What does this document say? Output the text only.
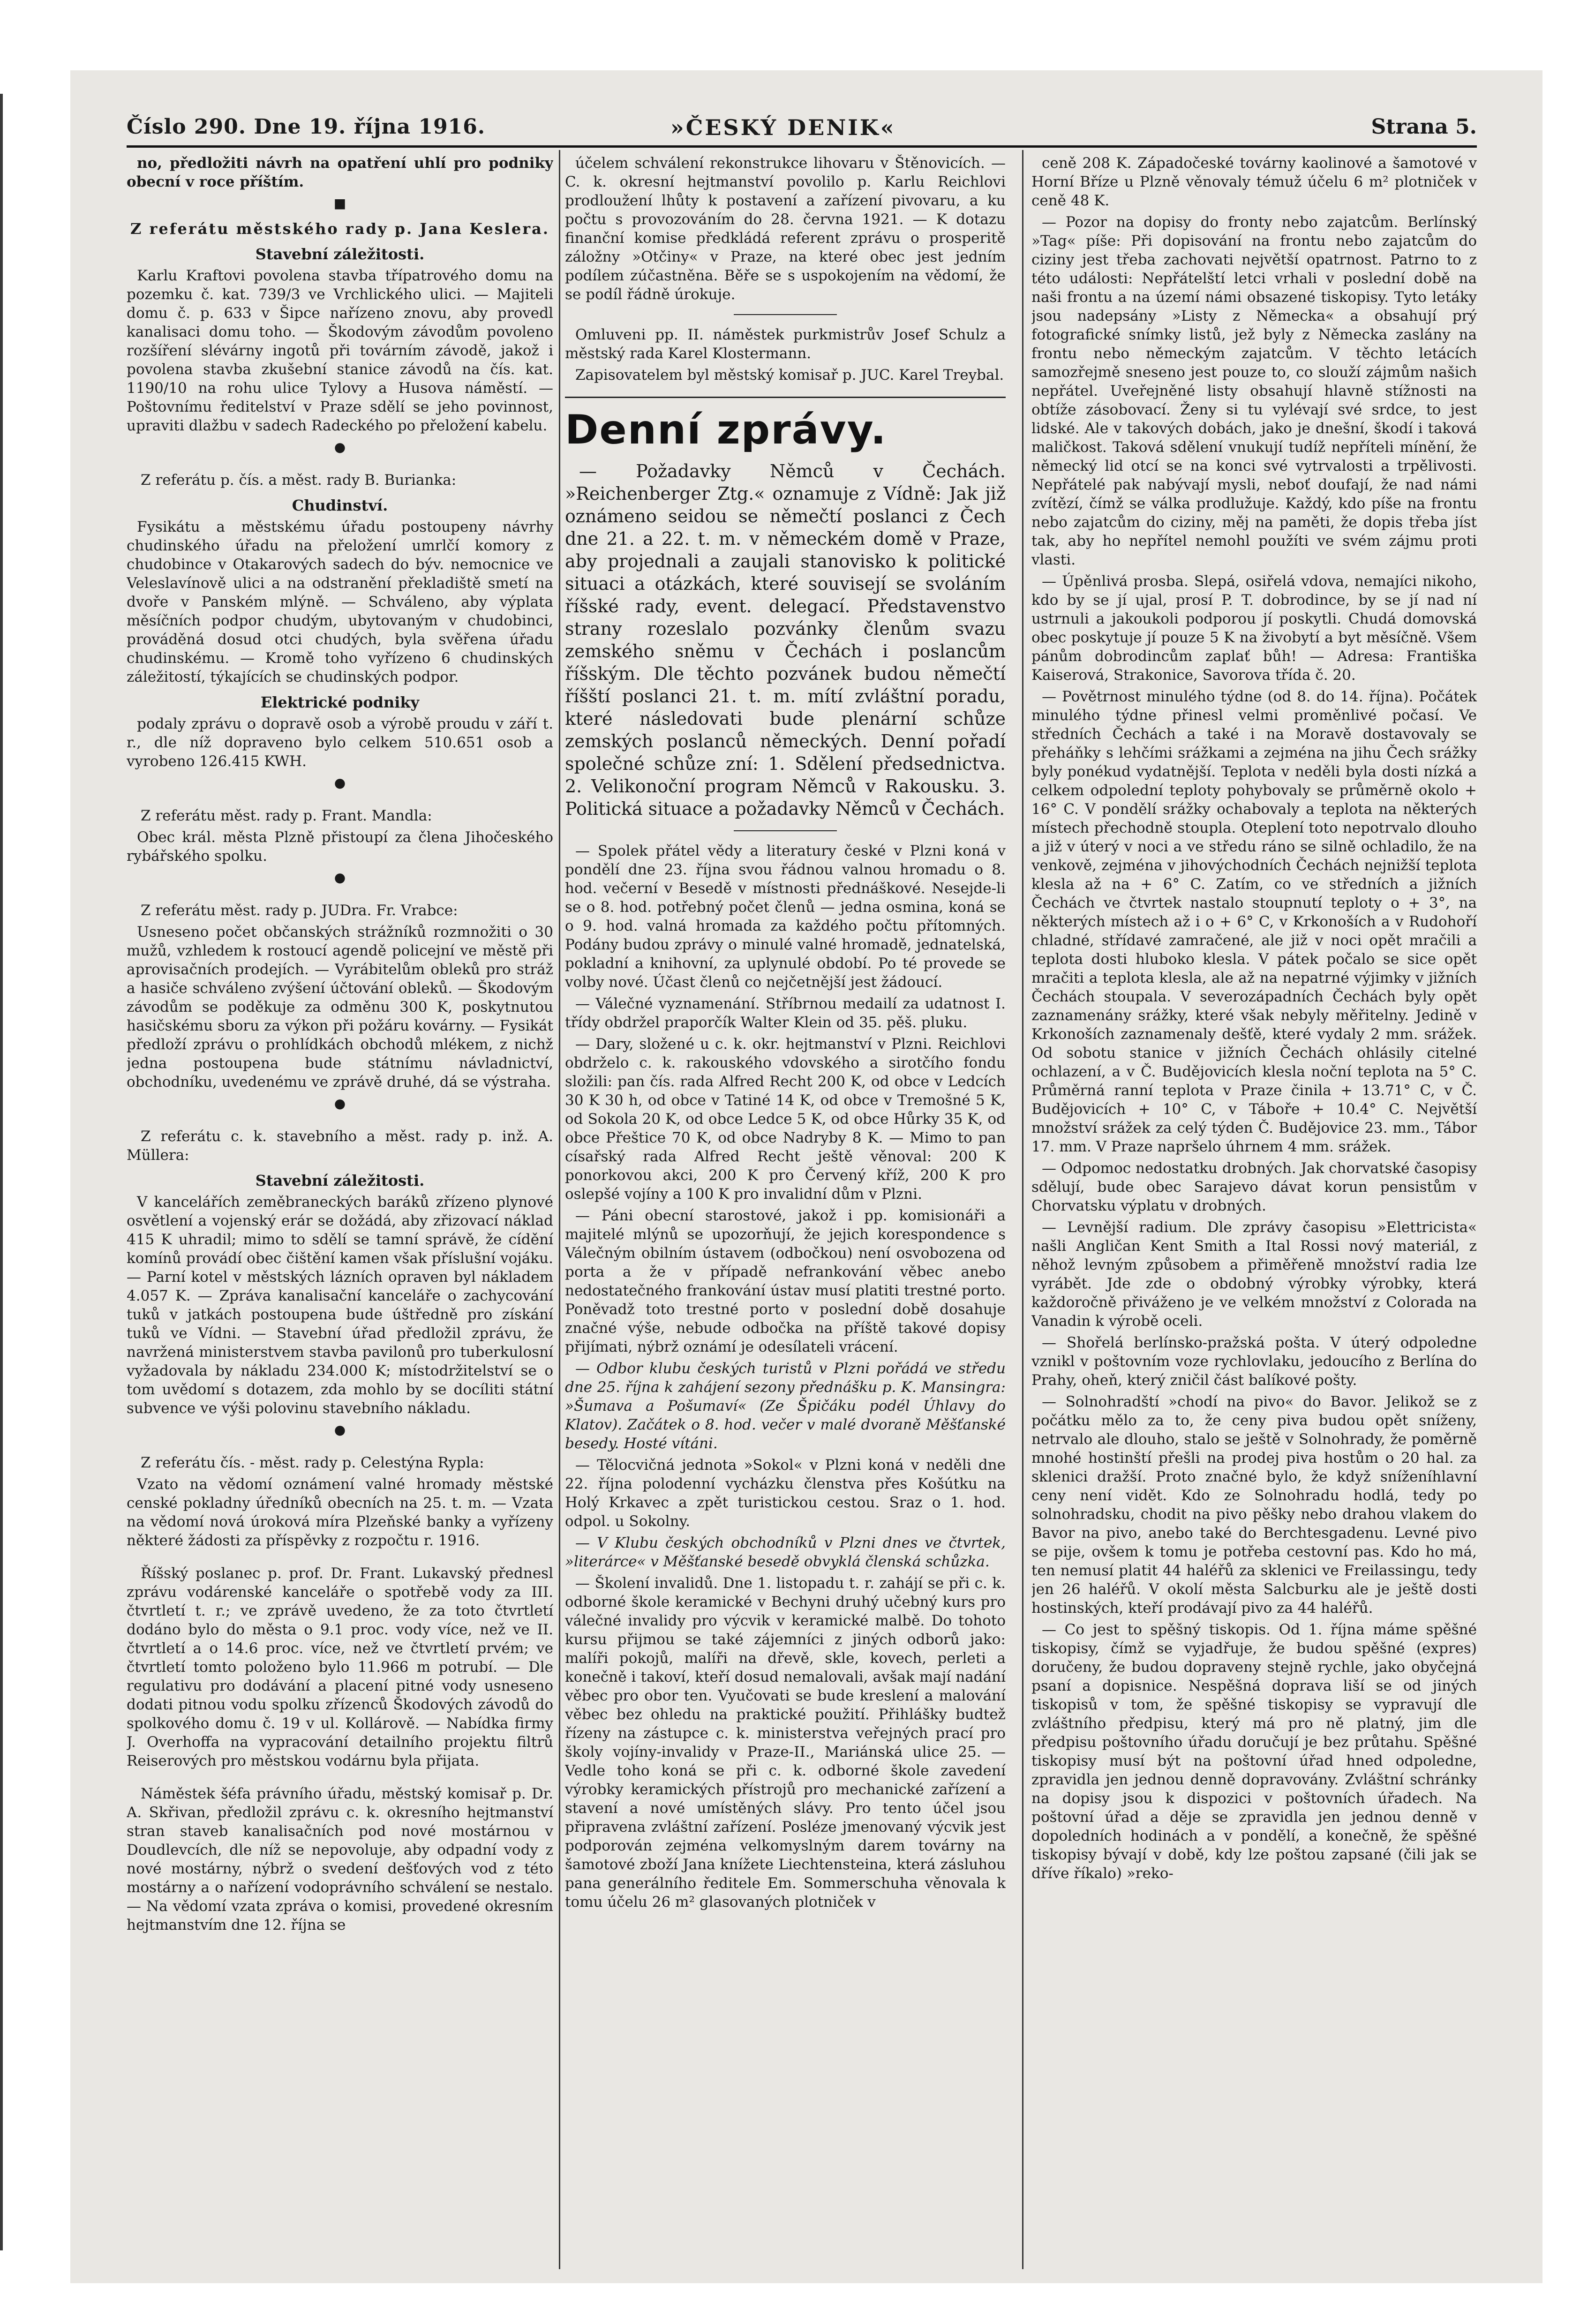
Číslo 290. Dne 19. října 1916.	»ČESKÝ DENIK«	Strana 5.

no, předložiti návrh na opatření uhlí pro podniky obecní v roce příštím.

■

Z referátu městského rady p. Jana Keslera.

Stavební záležitosti.

Karlu Kraftovi povolena stavba třípatrového domu na pozemku č. kat. 739/3 ve Vrchlického ulici. — Majiteli domu č. p. 633 v Šipce nařízeno znovu, aby provedl kanalisaci domu toho. — Škodovým závodům povoleno rozšíření slévárny ingotů při továrním závodě, jakož i povolena stavba zkušební stanice závodů na čís. kat. 1190/10 na rohu ulice Tylovy a Husova náměstí. — Poštovnímu ředitelství v Praze sdělí se jeho povinnost, upraviti dlažbu v sadech Radeckého po přeložení kabelu.

●

Z referátu p. čís. a měst. rady B. Burianka:

Chudinství.

Fysikátu a městskému úřadu postoupeny návrhy chudinského úřadu na přeložení umrlčí komory z chudobince v Otakarových sadech do býv. nemocnice ve Veleslavínově ulici a na odstranění překladiště smetí na dvoře v Panském mlýně. — Schváleno, aby výplata měsíčních podpor chudým, ubytovaným v chudobinci, prováděná dosud otci chudých, byla svěřena úřadu chudinskému. — Kromě toho vyřízeno 6 chudinských záležitostí, týkajících se chudinských podpor.

Elektrické podniky

podaly zprávu o dopravě osob a výrobě proudu v září t. r., dle níž dopraveno bylo celkem 510.651 osob a vyrobeno 126.415 KWH.

●

Z referátu měst. rady p. Frant. Mandla:

Obec král. města Plzně přistoupí za člena Jihočeského rybářského spolku.

●

Z referátu měst. rady p. JUDra. Fr. Vrabce:

Usneseno počet občanských strážníků rozmnožiti o 30 mužů, vzhledem k rostoucí agendě policejní ve městě při aprovisačních prodejích. — Vyrábitelům obleků pro stráž a hasiče schváleno zvýšení účtování obleků. — Škodovým závodům se poděkuje za odměnu 300 K, poskytnutou hasičskému sboru za výkon při požáru kovárny. — Fysikát předloží zprávu o prohlídkách obchodů mlékem, z nichž jedna postoupena bude státnímu návladnictví, obchodníku, uvedenému ve zprávě druhé, dá se výstraha.

●

Z referátu c. k. stavebního a měst. rady p. inž. A. Müllera:

Stavební záležitosti.

V kancelářích zeměbraneckých baráků zřízeno plynové osvětlení a vojenský erár se dožádá, aby zřizovací náklad 415 K uhradil; mimo to sdělí se tamní správě, že cídění komínů provádí obec čištění kamen však příslušní vojáku. — Parní kotel v městských lázních opraven byl nákladem 4.057 K. — Zpráva kanalisační kanceláře o zachycování tuků v jatkách postoupena bude úštředně pro získání tuků ve Vídni. — Stavební úřad předložil zprávu, že navržená ministerstvem stavba pavilonů pro tuberkulosní vyžadovala by nákladu 234.000 K; místodržitelství se o tom uvědomí s dotazem, zda mohlo by se docíliti státní subvence ve výši polovinu stavebního nákladu.

●

Z referátu čís. - měst. rady p. Celestýna Rypla:

Vzato na vědomí oznámení valné hromady městské censké pokladny úředníků obecních na 25. t. m. — Vzata na vědomí nová úroková míra Plzeňské banky a vyřízeny některé žádosti za příspěvky z rozpočtu r. 1916.

Říšský poslanec p. prof. Dr. Frant. Lukavský přednesl zprávu vodárenské kanceláře o spotřebě vody za III. čtvrtletí t. r.; ve zprávě uvedeno, že za toto čtvrtletí dodáno bylo do města o 9.1 proc. vody více, než ve II. čtvrtletí a o 14.6 proc. více, než ve čtvrtletí prvém; ve čtvrtletí tomto položeno bylo 11.966 m potrubí. — Dle regulativu pro dodávání a placení pitné vody usneseno dodati pitnou vodu spolku zřízenců Škodových závodů do spolkového domu č. 19 v ul. Kollárově. — Nabídka firmy J. Overhoffa na vypracování detailního projektu filtrů Reiserových pro městskou vodárnu byla přijata.

Náměstek šéfa právního úřadu, městský komisař p. Dr. A. Skřivan, předložil zprávu c. k. okresního hejtmanství stran staveb kanalisačních pod nové mostárnou v Doudlevcích, dle níž se nepovoluje, aby odpadní vody z nové mostárny, nýbrž o svedení dešťových vod z této mostárny a o nařízení vodoprávního schválení se nestalo. — Na vědomí vzata zpráva o komisi, provedené okresním hejtmanstvím dne 12. října se

účelem schválení rekonstrukce lihovaru v Štěnovicích. — C. k. okresní hejtmanství povolilo p. Karlu Reichlovi prodloužení lhůty k postavení a zařízení pivovaru, a ku počtu s provozováním do 28. června 1921. — K dotazu finanční komise předkládá referent zprávu o prosperitě záložny »Otčiny« v Praze, na které obec jest jedním podílem zúčastněna. Běře se s uspokojením na vědomí, že se podíl řádně úrokuje.

Omluveni pp. II. náměstek purkmistrův Josef Schulz a městský rada Karel Klostermann.

Zapisovatelem byl městský komisař p. JUC. Karel Treybal.

Denní zprávy.

— Požadavky Němců v Čechách. »Reichenberger Ztg.« oznamuje z Vídně: Jak již oznámeno seidou se němečtí poslanci z Čech dne 21. a 22. t. m. v německém domě v Praze, aby projednali a zaujali stanovisko k politické situaci a otázkách, které souvisejí se svoláním říšské rady, event. delegací. Představenstvo strany rozeslalo pozvánky členům svazu zemského sněmu v Čechách i poslancům říšským. Dle těchto pozvánek budou němečtí říšští poslanci 21. t. m. mítí zvláštní poradu, které následovati bude plenární schůze zemských poslanců německých. Denní pořadí společné schůze zní: 1. Sdělení předsednictva. 2. Velikonoční program Němců v Rakousku. 3. Politická situace a požadavky Němců v Čechách.

— Spolek přátel vědy a literatury české v Plzni koná v pondělí dne 23. října svou řádnou valnou hromadu o 8. hod. večerní v Besedě v místnosti přednáškové. Nesejde-li se o 8. hod. potřebný počet členů — jedna osmina, koná se o 9. hod. valná hromada za každého počtu přítomných. Podány budou zprávy o minulé valné hromadě, jednatelská, pokladní a knihovní, za uplynulé období. Po té provede se volby nové. Účast členů co nejčetnější jest žádoucí.

— Válečné vyznamenání. Stříbrnou medailí za udatnost I. třídy obdržel praporčík Walter Klein od 35. pěš. pluku.

— Dary, složené u c. k. okr. hejtmanství v Plzni. Reichlovi obdrželo c. k. rakouského vdovského a sirotčího fondu složili: pan čís. rada Alfred Recht 200 K, od obce v Ledcích 30 K 30 h, od obce v Tatiné 14 K, od obce v Tremošné 5 K, od Sokola 20 K, od obce Ledce 5 K, od obce Hůrky 35 K, od obce Přeštice 70 K, od obce Nadryby 8 K. — Mimo to pan císařský rada Alfred Recht ještě věnoval: 200 K ponorkovou akci, 200 K pro Červený kříž, 200 K pro oslepšé vojíny a 100 K pro invalidní dům v Plzni.

— Páni obecní starostové, jakož i pp. komisionáři a majitelé mlýnů se upozorňují, že jejich korespondence s Válečným obilním ústavem (odbočkou) není osvobozena od porta a že v případě nefrankování věbec anebo nedostatečného frankování ústav musí platiti trestné porto. Poněvadž toto trestné porto v poslední době dosahuje značné výše, nebude odbočka na příště takové dopisy přijímati, nýbrž oznámí je odesílateli vrácení.

— Odbor klubu českých turistů v Plzni pořádá ve středu dne 25. října k zahájení sezony přednášku p. K. Mansingra: »Šumava a Pošumaví« (Ze Špičáku podél Úhlavy do Klatov). Začátek o 8. hod. večer v malé dvoraně Měšťanské besedy. Hosté vítáni.

— Tělocvičná jednota »Sokol« v Plzni koná v neděli dne 22. října polodenní vycházku členstva přes Košútku na Holý Krkavec a zpět turistickou cestou. Sraz o 1. hod. odpol. u Sokolny.

— V Klubu českých obchodníků v Plzni dnes ve čtvrtek, »literárce« v Měšťanské besedě obvyklá členská schůzka.

— Školení invalidů. Dne 1. listopadu t. r. zahájí se při c. k. odborné škole keramické v Bechyni druhý učebný kurs pro válečné invalidy pro výcvik v keramické malbě. Do tohoto kursu přijmou se také zájemníci z jiných odborů jako: malíři pokojů, malíři na dřevě, skle, kovech, perleti a konečně i takoví, kteří dosud nemalovali, avšak mají nadání věbec pro obor ten. Vyučovati se bude kreslení a malování věbec bez ohledu na praktické použití. Přihlášky budtež řízeny na zástupce c. k. ministerstva veřejných prací pro školy vojíny-invalidy v Praze-II., Mariánská ulice 25. — Vedle toho koná se při c. k. odborné škole zavedení výrobky keramických přístrojů pro mechanické zařízení a stavení a nové umístěných slávy. Pro tento účel jsou připravena zvláštní zařízení. Posléze jmenovaný výcvik jest podporován zejména velkomyslným darem továrny na šamotové zboží Jana knížete Liechtensteina, která zásluhou pana generálního ředitele Em. Sommerschuha věnovala k tomu účelu 26 m² glasovaných plotniček v

ceně 208 K. Západočeské továrny kaolinové a šamotové v Horní Bříze u Plzně věnovaly témuž účelu 6 m² plotniček v ceně 48 K.

— Pozor na dopisy do fronty nebo zajatcům. Berlínský »Tag« píše: Při dopisování na frontu nebo zajatcům do ciziny jest třeba zachovati největší opatrnost. Patrno to z této události: Nepřátelští letci vrhali v poslední době na naši frontu a na území námi obsazené tiskopisy. Tyto letáky jsou nadepsány »Listy z Německa« a obsahují prý fotografické snímky listů, jež byly z Německa zaslány na frontu nebo německým zajatcům. V těchto letácích samozřejmě sneseno jest pouze to, co slouží zájmům našich nepřátel. Uveřejněné listy obsahují hlavně stížnosti na obtíže zásobovací. Ženy si tu vylévají své srdce, to jest lidské. Ale v takových dobách, jako je dnešní, škodí i taková maličkost. Taková sdělení vnukují tudíž nepříteli mínění, že německý lid otcí se na konci své vytrvalosti a trpělivosti. Nepřátelé pak nabývají mysli, neboť doufají, že nad námi zvítězí, čímž se válka prodlužuje. Každý, kdo píše na frontu nebo zajatcům do ciziny, měj na paměti, že dopis třeba jíst tak, aby ho nepřítel nemohl použíti ve svém zájmu proti vlasti.

— Úpěnlivá prosba. Slepá, osiřelá vdova, nemajíci nikoho, kdo by se jí ujal, prosí P. T. dobrodince, by se jí nad ní ustrnuli a jakoukoli podporou jí poskytli. Chudá domovská obec poskytuje jí pouze 5 K na živobytí a byt měsíčně. Všem pánům dobrodincům zaplať bůh! — Adresa: Františka Kaiserová, Strakonice, Savorova třída č. 20.

— Povětrnost minulého týdne (od 8. do 14. října). Počátek minulého týdne přinesl velmi proměnlivé počasí. Ve středních Čechách a také i na Moravě dostavovaly se přeháňky s lehčími srážkami a zejména na jihu Čech srážky byly ponékud vydatnější. Teplota v neděli byla dosti nízká a celkem odpolední teploty pohybovaly se průměrně okolo + 16° C. V pondělí srážky ochabovaly a teplota na některých místech přechodně stoupla. Oteplení toto nepotrvalo dlouho a již v úterý v noci a ve středu ráno se silně ochladilo, že na venkově, zejména v jihovýchodních Čechách nejnižší teplota klesla až na + 6° C. Zatím, co ve středních a jižních Čechách ve čtvrtek nastalo stoupnutí teploty o + 3°, na některých místech až i o + 6° C, v Krkonoších a v Rudohoří chladné, střídavé zamračené, ale již v noci opět mračili a teplota dosti hluboko klesla. V pátek počalo se sice opět mračiti a teplota klesla, ale až na nepatrné výjimky v jižních Čechách stoupala. V severozápadních Čechách byly opět zaznamenány srážky, které však nebyly měřitelny. Jedině v Krkonoších zaznamenaly dešťě, které vydaly 2 mm. srážek. Od sobotu stanice v jižních Čechách ohlásily citelné ochlazení, a v Č. Budějovicích klesla noční teplota na 5° C. Průměrná ranní teplota v Praze činila + 13.71° C, v Č. Budějovicích + 10° C, v Táboře + 10.4° C. Největší množství srážek za celý týden Č. Budějovice 23. mm., Tábor 17. mm. V Praze napršelo úhrnem 4 mm. srážek.

— Odpomoc nedostatku drobných. Jak chorvatské časopisy sdělují, bude obec Sarajevo dávat korun pensistům v Chorvatsku výplatu v drobných.

— Levnější radium. Dle zprávy časopisu »Elettricista« našli Angličan Kent Smith a Ital Rossi nový materiál, z něhož levným způsobem a přiměřeně množství radia lze vyrábět. Jde zde o obdobný výrobky výrobky, která každoročně přiváženo je ve velkém množství z Colorada na Vanadin k výrobě oceli.

— Shořelá berlínsko-pražská pošta. V úterý odpoledne vznikl v poštovním voze rychlovlaku, jedoucího z Berlína do Prahy, oheň, který zničil část balíkové pošty.

— Solnohradští »chodí na pivo« do Bavor. Jelikož se z počátku mělo za to, že ceny piva budou opět sníženy, netrvalo ale dlouho, stalo se ještě v Solnohrady, že poměrně mnohé hostinští přešli na prodej piva hostům o 20 hal. za sklenici dražší. Proto značné bylo, že když sníženíhlavní ceny není vidět. Kdo ze Solnohradu hodlá, tedy po solnohradsku, chodit na pivo pěšky nebo drahou vlakem do Bavor na pivo, anebo také do Berchtesgadenu. Levné pivo se pije, ovšem k tomu je potřeba cestovní pas. Kdo ho má, ten nemusí platit 44 haléřů za sklenici ve Freilassingu, tedy jen 26 haléřů. V okolí města Salcburku ale je ještě dosti hostinských, kteří prodávají pivo za 44 haléřů.

— Co jest to spěšný tiskopis. Od 1. října máme spěšné tiskopisy, čímž se vyjadřuje, že budou spěšné (expres) doručeny, že budou dopraveny stejně rychle, jako obyčejná psaní a dopisnice. Nespěšná doprava liší se od jiných tiskopisů v tom, že spěšné tiskopisy se vypravují dle zvláštního předpisu, který má pro ně platný, jim dle předpisu poštovního úřadu doručují je bez průtahu. Spěšné tiskopisy musí být na poštovní úřad hned odpoledne, zpravidla jen jednou denně dopravovány. Zvláštní schránky na dopisy jsou k dispozici v poštovních úřadech. Na poštovní úřad a děje se zpravidla jen jednou denně v dopoledních hodinách a v pondělí, a konečně, že spěšné tiskopisy bývají v době, kdy lze poštou zapsané (čili jak se dříve říkalo) »reko-
